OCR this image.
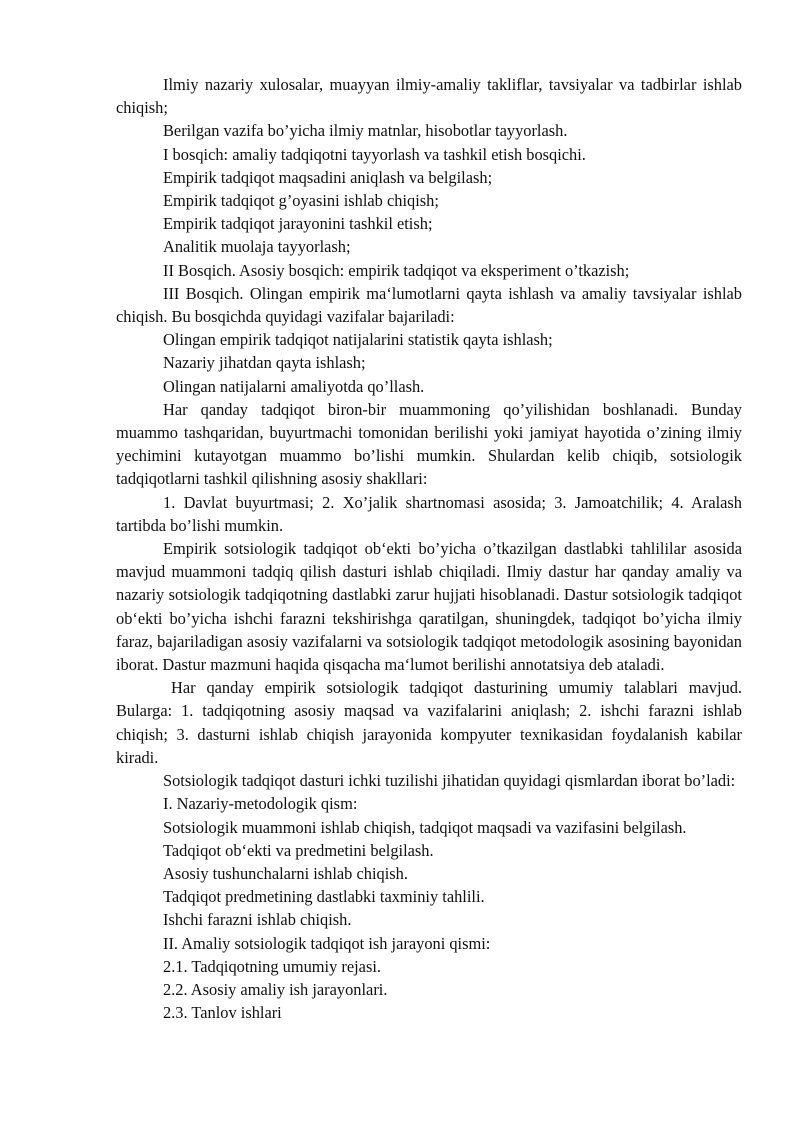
Ilmiy nazariy xulosalar, muayyan ilmiy-amaliy takliflar, tavsiyalar va tadbirlar ishlab chiqish;

Berilgan vazifa bo’yicha ilmiy matnlar, hisobotlar tayyorlash.

I bosqich: amaliy tadqiqotni tayyorlash va tashkil etish bosqichi.

Empirik tadqiqot maqsadini aniqlash va belgilash;

Empirik tadqiqot g’oyasini ishlab chiqish;

Empirik tadqiqot jarayonini tashkil etish;

Analitik muolaja tayyorlash;

II Bosqich. Asosiy bosqich: empirik tadqiqot va eksperiment o’tkazish;

III Bosqich. Olingan empirik ma‘lumotlarni qayta ishlash va amaliy tavsiyalar ishlab chiqish. Bu bosqichda quyidagi vazifalar bajariladi:

Olingan empirik tadqiqot natijalarini statistik qayta ishlash;

Nazariy jihatdan qayta ishlash;

Olingan natijalarni amaliyotda qo’llash.

Har qanday tadqiqot biron-bir muammoning qo’yilishidan boshlanadi. Bunday muammo tashqaridan, buyurtmachi tomonidan berilishi yoki jamiyat hayotida o’zining ilmiy yechimini kutayotgan muammo bo’lishi mumkin. Shulardan kelib chiqib, sotsiologik tadqiqotlarni tashkil qilishning asosiy shakllari:

1. Davlat buyurtmasi; 2. Xo’jalik shartnomasi asosida; 3. Jamoatchilik; 4. Aralash tartibda bo’lishi mumkin.

Empirik sotsiologik tadqiqot ob‘ekti bo’yicha o’tkazilgan dastlabki tahlililar asosida mavjud muammoni tadqiq qilish dasturi ishlab chiqiladi. Ilmiy dastur har qanday amaliy va nazariy sotsiologik tadqiqotning dastlabki zarur hujjati hisoblanadi. Dastur sotsiologik tadqiqot ob‘ekti bo’yicha ishchi farazni tekshirishga qaratilgan, shuningdek, tadqiqot bo’yicha ilmiy faraz, bajariladigan asosiy vazifalarni va sotsiologik tadqiqot metodologik asosining bayonidan iborat. Dastur mazmuni haqida qisqacha ma‘lumot berilishi annotatsiya deb ataladi.

Har qanday empirik sotsiologik tadqiqot dasturining umumiy talablari mavjud. Bularga: 1. tadqiqotning asosiy maqsad va vazifalarini aniqlash; 2. ishchi farazni ishlab chiqish; 3. dasturni ishlab chiqish jarayonida kompyuter texnikasidan foydalanish kabilar kiradi.

Sotsiologik tadqiqot dasturi ichki tuzilishi jihatidan quyidagi qismlardan iborat bo’ladi:

I. Nazariy-metodologik qism:

Sotsiologik muammoni ishlab chiqish, tadqiqot maqsadi va vazifasini belgilash.

Tadqiqot ob‘ekti va predmetini belgilash.

Asosiy tushunchalarni ishlab chiqish.

Tadqiqot predmetining dastlabki taxminiy tahlili.

Ishchi farazni ishlab chiqish.

II. Amaliy sotsiologik tadqiqot ish jarayoni qismi:

2.1. Tadqiqotning umumiy rejasi.

2.2. Asosiy amaliy ish jarayonlari.

2.3. Tanlov ishlari
